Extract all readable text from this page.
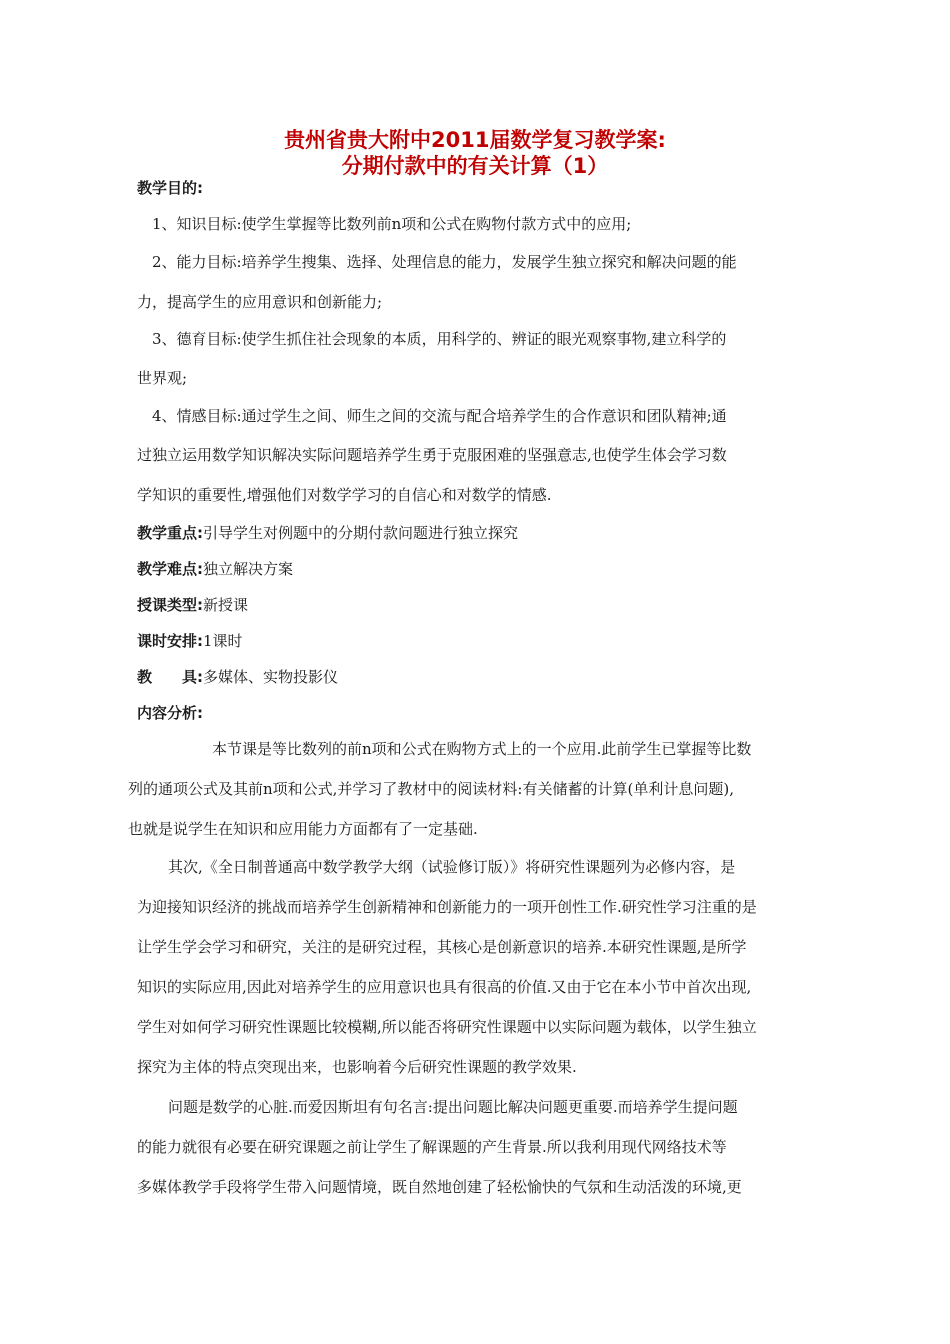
贵州省贵大附中2011届数学复习教学案:
分期付款中的有关计算（1）
教学目的:
1、知识目标:使学生掌握等比数列前n项和公式在购物付款方式中的应用;
2、能力目标:培养学生搜集、选择、处理信息的能力，发展学生独立探究和解决问题的能
力，提高学生的应用意识和创新能力;
3、德育目标:使学生抓住社会现象的本质，用科学的、辨证的眼光观察事物,建立科学的
世界观;
4、情感目标:通过学生之间、师生之间的交流与配合培养学生的合作意识和团队精神;通
过独立运用数学知识解决实际问题培养学生勇于克服困难的坚强意志,也使学生体会学习数
学知识的重要性,增强他们对数学学习的自信心和对数学的情感.
教学重点:引导学生对例题中的分期付款问题进行独立探究
教学难点:独立解决方案
授课类型:新授课
课时安排:1课时
教 具:多媒体、实物投影仪
内容分析:
本节课是等比数列的前n项和公式在购物方式上的一个应用.此前学生已掌握等比数
列的通项公式及其前n项和公式,并学习了教材中的阅读材料:有关储蓄的计算(单利计息问题),
也就是说学生在知识和应用能力方面都有了一定基础.
其次,《全日制普通高中数学教学大纲（试验修订版）》将研究性课题列为必修内容，是
为迎接知识经济的挑战而培养学生创新精神和创新能力的一项开创性工作.研究性学习注重的是
让学生学会学习和研究，关注的是研究过程，其核心是创新意识的培养.本研究性课题,是所学
知识的实际应用,因此对培养学生的应用意识也具有很高的价值.又由于它在本小节中首次出现,
学生对如何学习研究性课题比较模糊,所以能否将研究性课题中以实际问题为载体，以学生独立
探究为主体的特点突现出来，也影响着今后研究性课题的教学效果.
问题是数学的心脏.而爱因斯坦有句名言:提出问题比解决问题更重要.而培养学生提问题
的能力就很有必要在研究课题之前让学生了解课题的产生背景.所以我利用现代网络技术等
多媒体教学手段将学生带入问题情境，既自然地创建了轻松愉快的气氛和生动活泼的环境,更
